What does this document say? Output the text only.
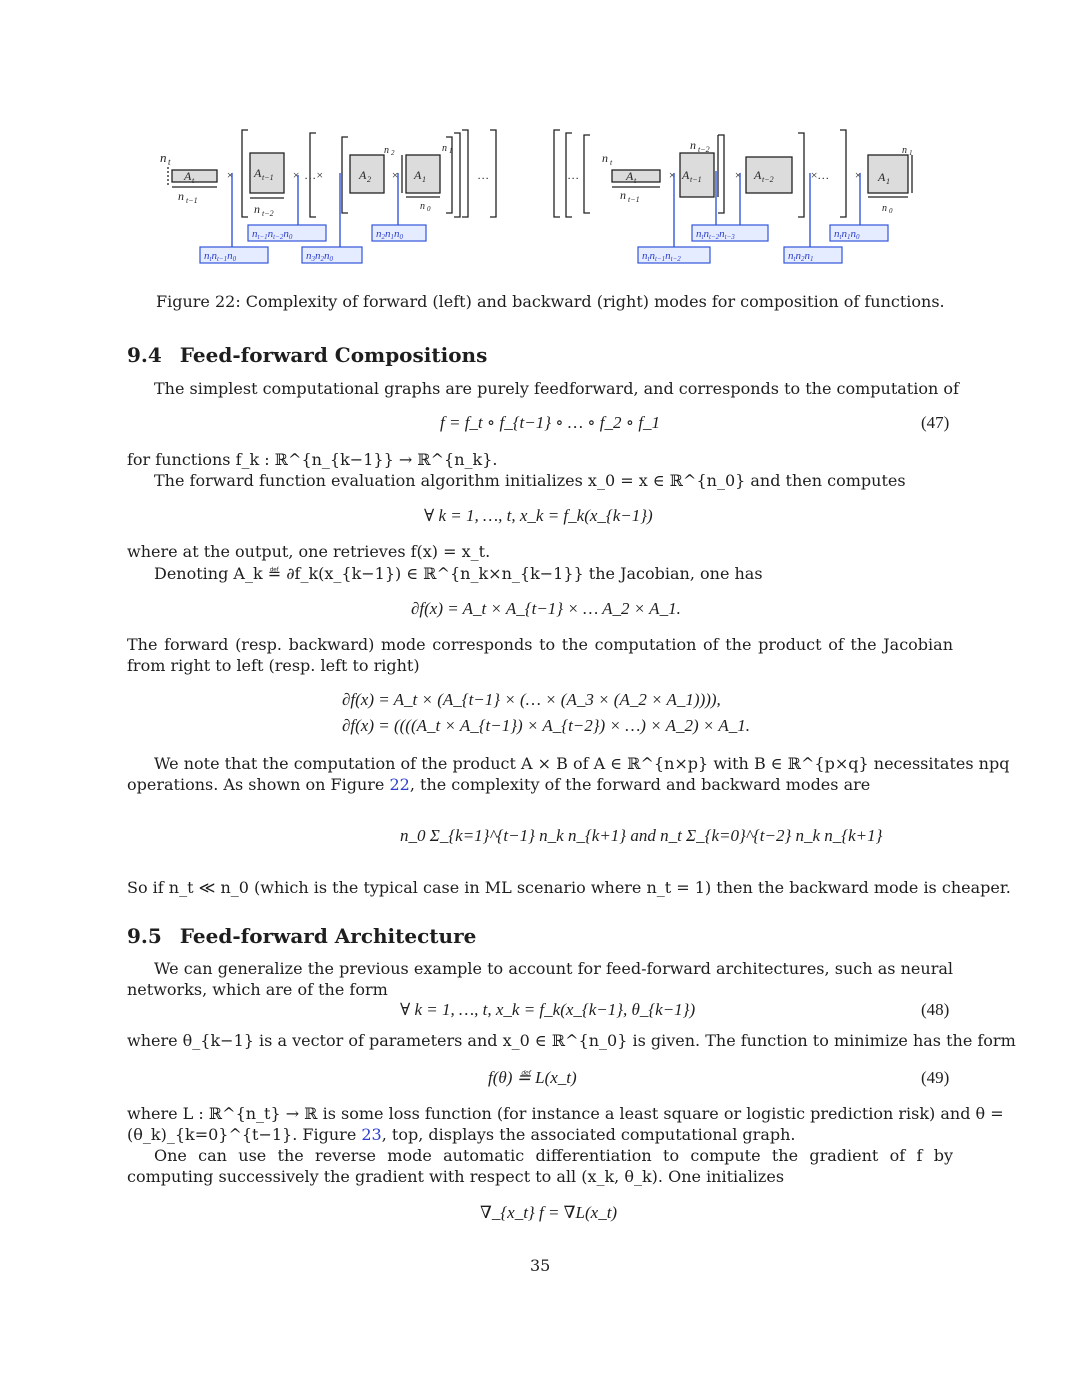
n t
A t
n t−1
× A t−1
n t−2
× …×	A 2
n 2
× A 1
n 1
n 0
…
nt−1nt−2n0	n2n1n0
ntnt−1n0	n3n2n0
…
n t
A t
n t−1
× A t−1
n t−2
× A t−2	×… × A 1
n 1
n 0
ntnt−2nt−3	ntn1n0
ntnt−1nt−2	ntn2n1
Figure 22: Complexity of forward (left) and backward (right) modes for composition of functions.
9.4 Feed-forward Compositions
The simplest computational graphs are purely feedforward, and corresponds to the computation of
f = f_t ∘ f_{t−1} ∘ … ∘ f_2 ∘ f_1	(47)
for functions f_k : ℝ^{n_{k−1}} → ℝ^{n_k}.
The forward function evaluation algorithm initializes x_0 = x ∈ ℝ^{n_0} and then computes
∀ k = 1, …, t, x_k = f_k(x_{k−1})
where at the output, one retrieves f(x) = x_t.
Denoting A_k ≝ ∂f_k(x_{k−1}) ∈ ℝ^{n_k×n_{k−1}} the Jacobian, one has
∂f(x) = A_t × A_{t−1} × … A_2 × A_1.
The forward (resp. backward) mode corresponds to the computation of the product of the Jacobian from right to left (resp. left to right)
∂f(x) = A_t × (A_{t−1} × (… × (A_3 × (A_2 × A_1)))),
∂f(x) = ((((A_t × A_{t−1}) × A_{t−2}) × …) × A_2) × A_1.
We note that the computation of the product A × B of A ∈ ℝ^{n×p} with B ∈ ℝ^{p×q} necessitates npq
operations. As shown on Figure 22, the complexity of the forward and backward modes are
n_0 Σ_{k=1}^{t−1} n_k n_{k+1} and n_t Σ_{k=0}^{t−2} n_k n_{k+1}
So if n_t ≪ n_0 (which is the typical case in ML scenario where n_t = 1) then the backward mode is cheaper.
9.5 Feed-forward Architecture
We can generalize the previous example to account for feed-forward architectures, such as neural networks, which are of the form
∀ k = 1, …, t, x_k = f_k(x_{k−1}, θ_{k−1})	(48)
where θ_{k−1} is a vector of parameters and x_0 ∈ ℝ^{n_0} is given. The function to minimize has the form
f(θ) ≝ L(x_t)	(49)
where L : ℝ^{n_t} → ℝ is some loss function (for instance a least square or logistic prediction risk) and θ =
(θ_k)_{k=0}^{t−1}. Figure 23, top, displays the associated computational graph.
One can use the reverse mode automatic differentiation to compute the gradient of f by computing successively the gradient with respect to all (x_k, θ_k). One initializes
∇_{x_t} f = ∇L(x_t)
35
